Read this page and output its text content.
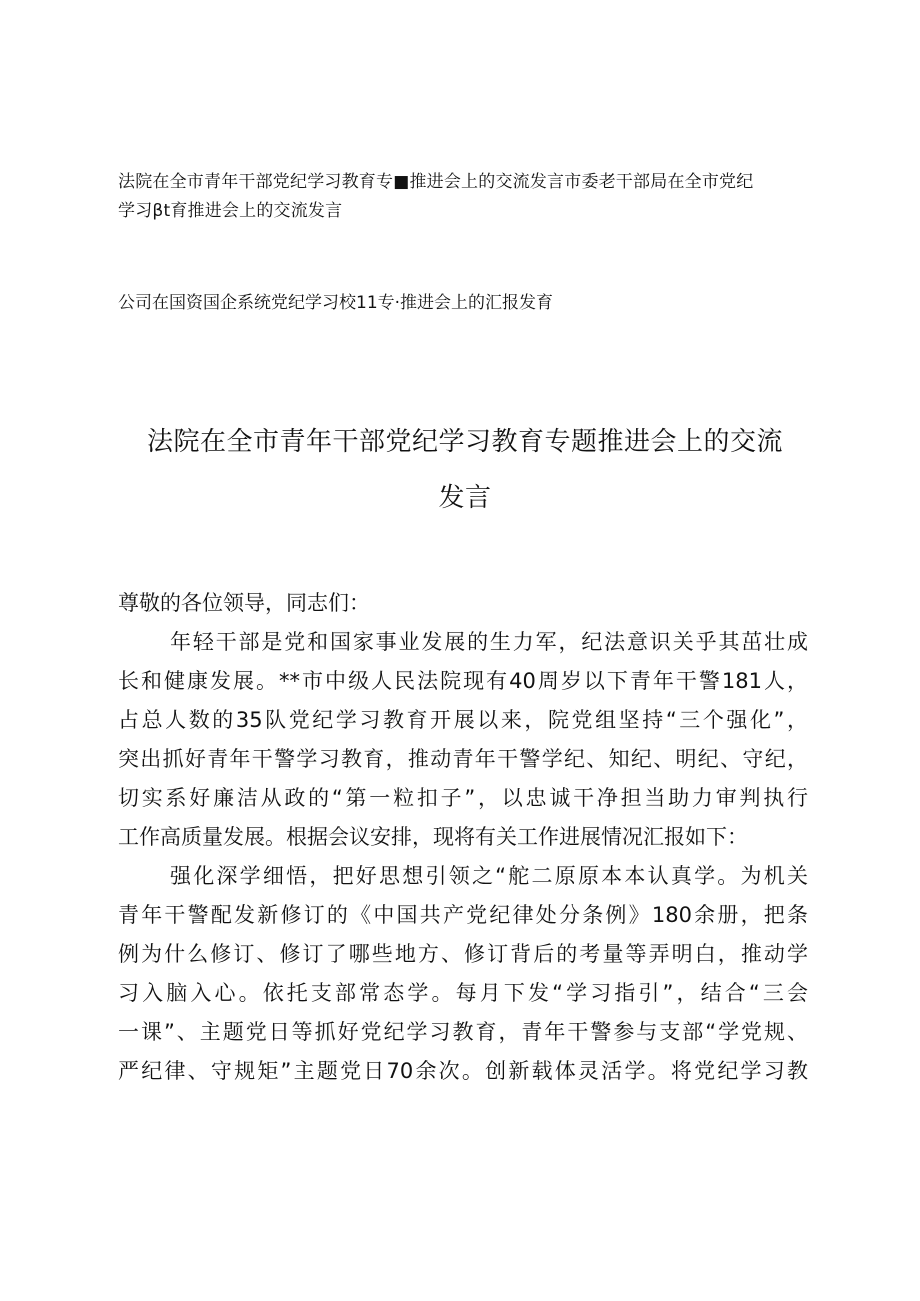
法院在全市青年干部党纪学习教育专■推进会上的交流发言市委老干部局在全市党纪
学习βt育推进会上的交流发言
公司在国资国企系统党纪学习校11专·推进会上的汇报发育
法院在全市青年干部党纪学习教育专题推进会上的交流
发言
尊敬的各位领导，同志们：
年轻干部是党和国家事业发展的生力军，纪法意识关乎其茁壮成
长和健康发展。**市中级人民法院现有40周岁以下青年干警181人，
占总人数的35队党纪学习教育开展以来，院党组坚持“三个强化”，
突出抓好青年干警学习教育，推动青年干警学纪、知纪、明纪、守纪，
切实系好廉洁从政的“第一粒扣子”，以忠诚干净担当助力审判执行
工作高质量发展。根据会议安排，现将有关工作进展情况汇报如下：
强化深学细悟，把好思想引领之“舵二原原本本认真学。为机关
青年干警配发新修订的《中国共产党纪律处分条例》180余册，把条
例为什么修订、修订了哪些地方、修订背后的考量等弄明白，推动学
习入脑入心。依托支部常态学。每月下发“学习指引”，结合“三会
一课”、主题党日等抓好党纪学习教育，青年干警参与支部“学党规、
严纪律、守规矩”主题党日70余次。创新载体灵活学。将党纪学习教
